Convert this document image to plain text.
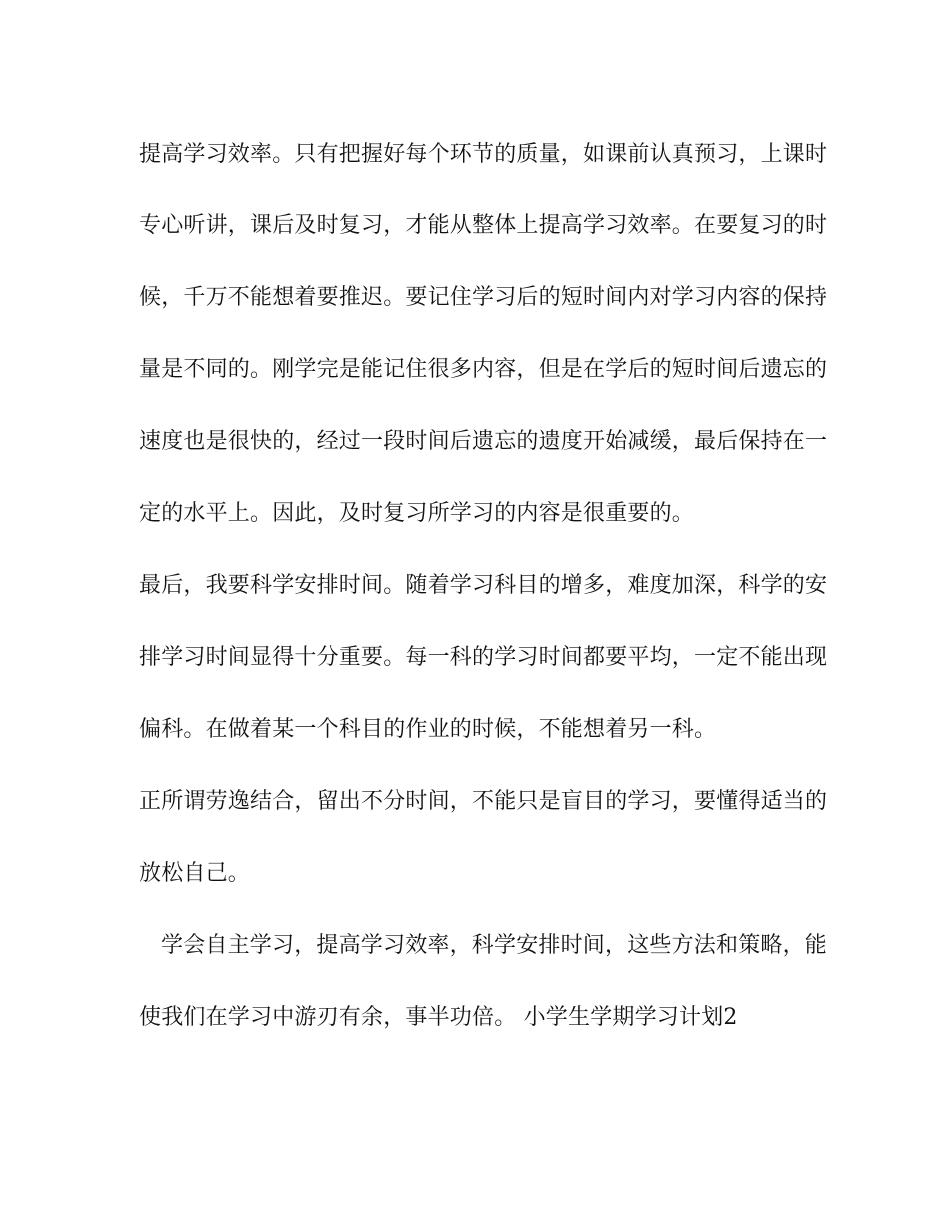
提高学习效率。只有把握好每个环节的质量，如课前认真预习，上课时
专心听讲，课后及时复习，才能从整体上提高学习效率。在要复习的时
候，千万不能想着要推迟。要记住学习后的短时间内对学习内容的保持
量是不同的。刚学完是能记住很多内容，但是在学后的短时间后遗忘的
速度也是很快的，经过一段时间后遗忘的遗度开始减缓，最后保持在一
定的水平上。因此，及时复习所学习的内容是很重要的。
最后，我要科学安排时间。随着学习科目的增多，难度加深，科学的安
排学习时间显得十分重要。每一科的学习时间都要平均，一定不能出现
偏科。在做着某一个科目的作业的时候，不能想着另一科。
正所谓劳逸结合，留出不分时间，不能只是盲目的学习，要懂得适当的
放松自己。
学会自主学习，提高学习效率，科学安排时间，这些方法和策略，能
使我们在学习中游刃有余，事半功倍。 小学生学期学习计划2
